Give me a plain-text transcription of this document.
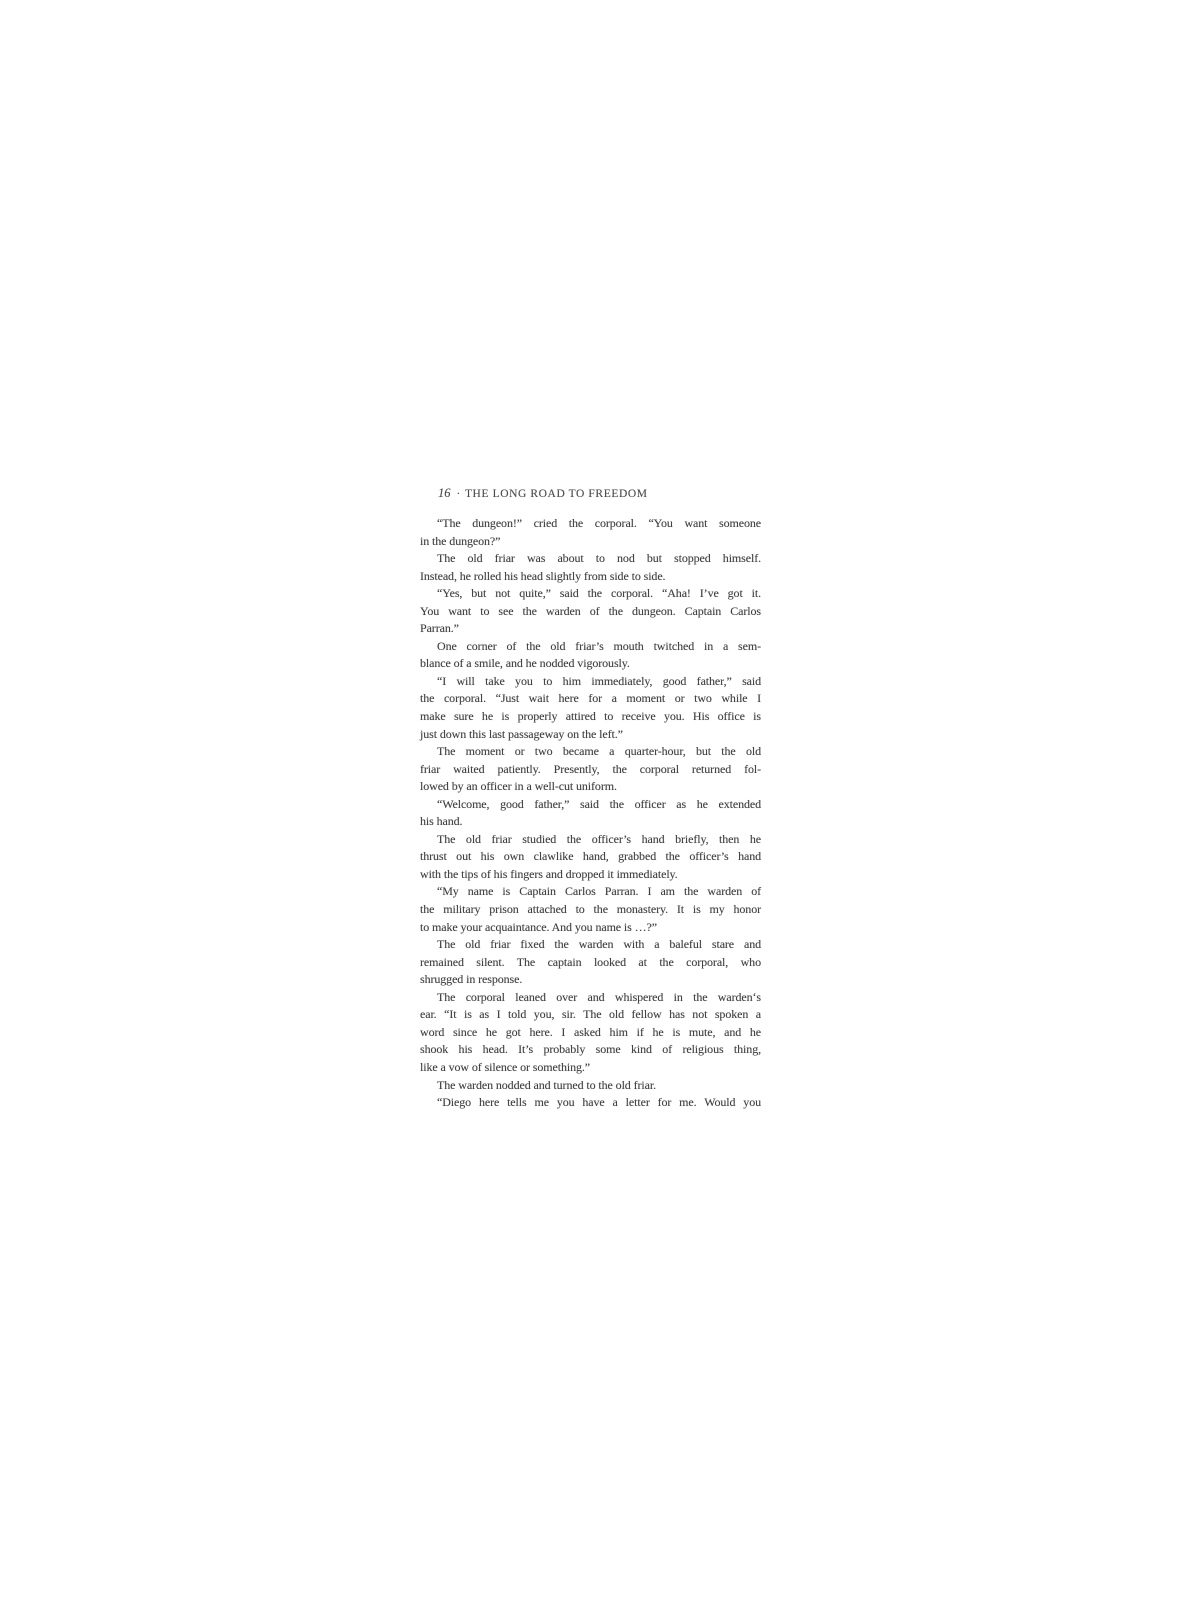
16 · THE LONG ROAD TO FREEDOM
“The dungeon!” cried the corporal. “You want someone
in the dungeon?”
The old friar was about to nod but stopped himself.
Instead, he rolled his head slightly from side to side.
“Yes, but not quite,” said the corporal. “Aha! I’ve got it.
You want to see the warden of the dungeon. Captain Carlos
Parran.”
One corner of the old friar’s mouth twitched in a sem-
blance of a smile, and he nodded vigorously.
“I will take you to him immediately, good father,” said
the corporal. “Just wait here for a moment or two while I
make sure he is properly attired to receive you. His office is
just down this last passageway on the left.”
The moment or two became a quarter-hour, but the old
friar waited patiently. Presently, the corporal returned fol-
lowed by an officer in a well-cut uniform.
“Welcome, good father,” said the officer as he extended
his hand.
The old friar studied the officer’s hand briefly, then he
thrust out his own clawlike hand, grabbed the officer’s hand
with the tips of his fingers and dropped it immediately.
“My name is Captain Carlos Parran. I am the warden of
the military prison attached to the monastery. It is my honor
to make your acquaintance. And you name is …?”
The old friar fixed the warden with a baleful stare and
remained silent. The captain looked at the corporal, who
shrugged in response.
The corporal leaned over and whispered in the warden‘s
ear. “It is as I told you, sir. The old fellow has not spoken a
word since he got here. I asked him if he is mute, and he
shook his head. It’s probably some kind of religious thing,
like a vow of silence or something.”
The warden nodded and turned to the old friar.
“Diego here tells me you have a letter for me. Would you
